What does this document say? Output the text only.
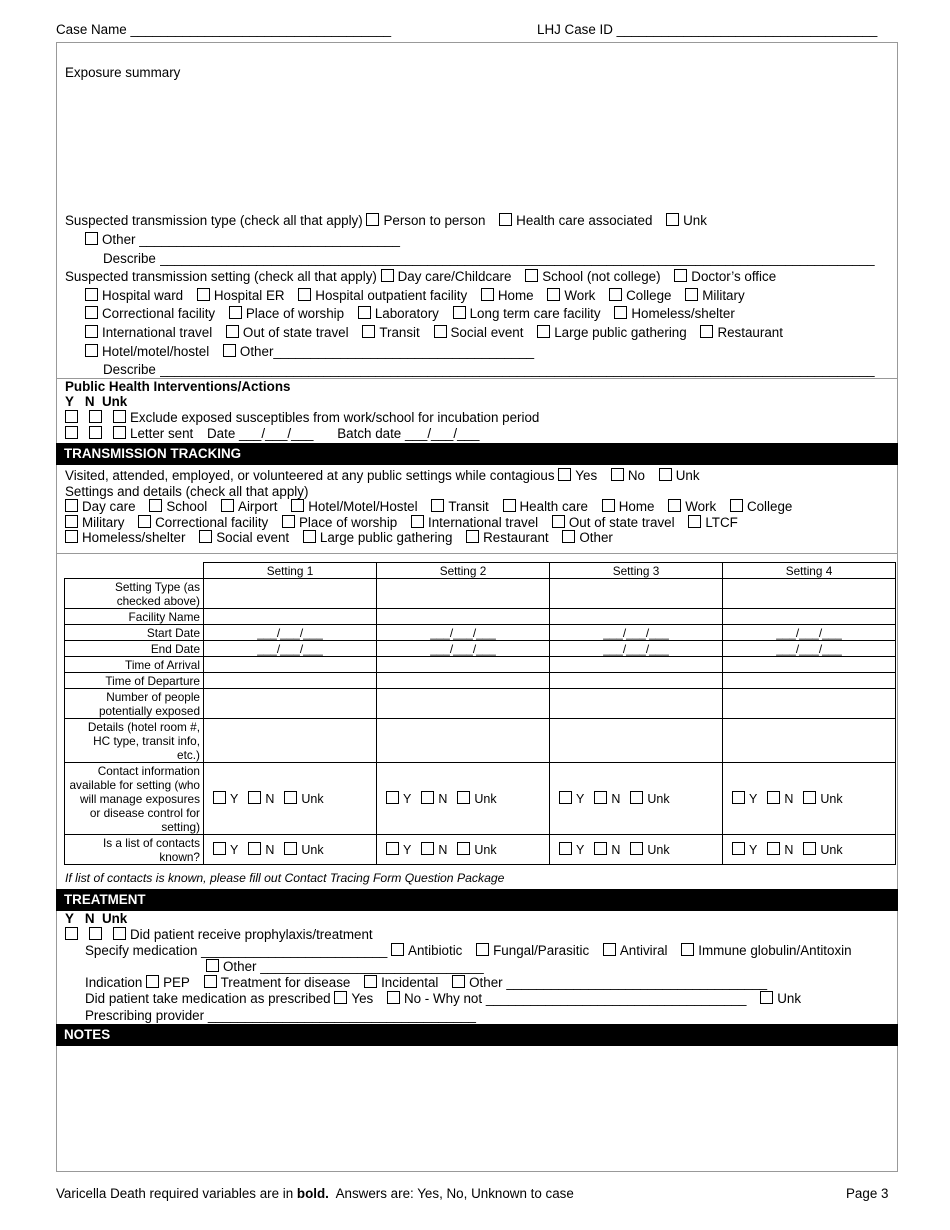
Case Name ___________________________________	LHJ Case ID ___________________________________
Exposure summary
Suspected transmission type (check all that apply) Person to person Health care associated Unk
Other ___________________________________
Describe ________________________________________________________________________________________________
Suspected transmission setting (check all that apply) Day care/Childcare School (not college) Doctor’s office
Hospital ward Hospital ER Hospital outpatient facility Home Work College Military
Correctional facility Place of worship Laboratory Long term care facility Homeless/shelter
International travel Out of state travel Transit Social event Large public gathering Restaurant
Hotel/motel/hostel Other___________________________________
Describe ________________________________________________________________________________________________
Public Health Interventions/Actions
Y   N  Unk
Exclude exposed susceptibles from work/school for incubation period
Letter sent Date ___/___/___ Batch date ___/___/___
TRANSMISSION TRACKING
Visited, attended, employed, or volunteered at any public settings while contagious Yes No Unk
Settings and details (check all that apply)
Day care School Airport Hotel/Motel/Hostel Transit Health care Home Work College
Military Correctional facility Place of worship International travel Out of state travel LTCF
Homeless/shelter Social event Large public gathering Restaurant Other
	Setting 1	Setting 2	Setting 3	Setting 4
Setting Type (as checked above)				
Facility Name				
Start Date	___/___/___	___/___/___	___/___/___	___/___/___
End Date	___/___/___	___/___/___	___/___/___	___/___/___
Time of Arrival				
Time of Departure				
Number of people potentially exposed				
Details (hotel room #, HC type, transit info, etc.)				
Contact information available for setting (who will manage exposures or disease control for setting)	Y N Unk	Y N Unk	Y N Unk	Y N Unk
Is a list of contacts known?	Y N Unk	Y N Unk	Y N Unk	Y N Unk
If list of contacts is known, please fill out Contact Tracing Form Question Package
TREATMENT
Y   N  Unk
Did patient receive prophylaxis/treatment
Specify medication _________________________ Antibiotic Fungal/Parasitic Antiviral Immune globulin/Antitoxin
Other ______________________________
Indication PEP Treatment for disease Incidental Other ___________________________________
Did patient take medication as prescribed Yes No - Why not ___________________________________ Unk
Prescribing provider ____________________________________
NOTES
Varicella Death required variables are in bold. Answers are: Yes, No, Unknown to case	Page 3
